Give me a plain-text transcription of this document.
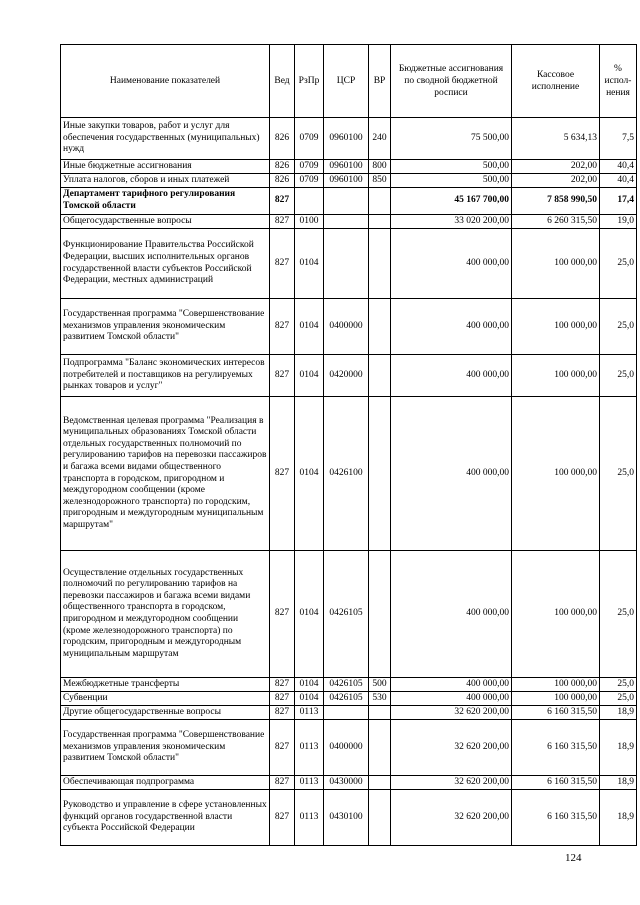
Наименование показателей	Вед	РзПр	ЦСР	ВР	Бюджетные ассигнования по сводной бюджетной росписи	Кассовое исполнение	% испол- нения
Иные закупки товаров, работ и услуг для обеспечения государственных (муниципальных) нужд	826	0709	0960100	240	75 500,00	5 634,13	7,5
Иные бюджетные ассигнования	826	0709	0960100	800	500,00	202,00	40,4
Уплата налогов, сборов и иных платежей	826	0709	0960100	850	500,00	202,00	40,4
Департамент тарифного регулирования Томской области	827				45 167 700,00	7 858 990,50	17,4
Общегосударственные вопросы	827	0100			33 020 200,00	6 260 315,50	19,0
Функционирование Правительства Российской Федерации, высших исполнительных органов государственной власти субъектов Российской Федерации, местных администраций	827	0104			400 000,00	100 000,00	25,0
Государственная программа "Совершенствование механизмов управления экономическим развитием Томской области"	827	0104	0400000		400 000,00	100 000,00	25,0
Подпрограмма "Баланс экономических интересов потребителей и поставщиков на регулируемых рынках товаров и услуг"	827	0104	0420000		400 000,00	100 000,00	25,0
Ведомственная целевая программа "Реализация в муниципальных образованиях Томской области отдельных государственных полномочий по регулированию тарифов на перевозки пассажиров и багажа всеми видами общественного транспорта в городском, пригородном и междугородном сообщении (кроме железнодорожного транспорта) по городским, пригородным и междугородным муниципальным маршрутам"	827	0104	0426100		400 000,00	100 000,00	25,0
Осуществление отдельных государственных полномочий по регулированию тарифов на перевозки пассажиров и багажа всеми видами общественного транспорта в городском, пригородном и междугородном сообщении (кроме железнодорожного транспорта) по городским, пригородным и междугородным муниципальным маршрутам	827	0104	0426105		400 000,00	100 000,00	25,0
Межбюджетные трансферты	827	0104	0426105	500	400 000,00	100 000,00	25,0
Субвенции	827	0104	0426105	530	400 000,00	100 000,00	25,0
Другие общегосударственные вопросы	827	0113			32 620 200,00	6 160 315,50	18,9
Государственная программа "Совершенствование механизмов управления экономическим развитием Томской области"	827	0113	0400000		32 620 200,00	6 160 315,50	18,9
Обеспечивающая подпрограмма	827	0113	0430000		32 620 200,00	6 160 315,50	18,9
Руководство и управление в сфере установленных функций органов государственной власти субъекта Российской Федерации	827	0113	0430100		32 620 200,00	6 160 315,50	18,9
124
